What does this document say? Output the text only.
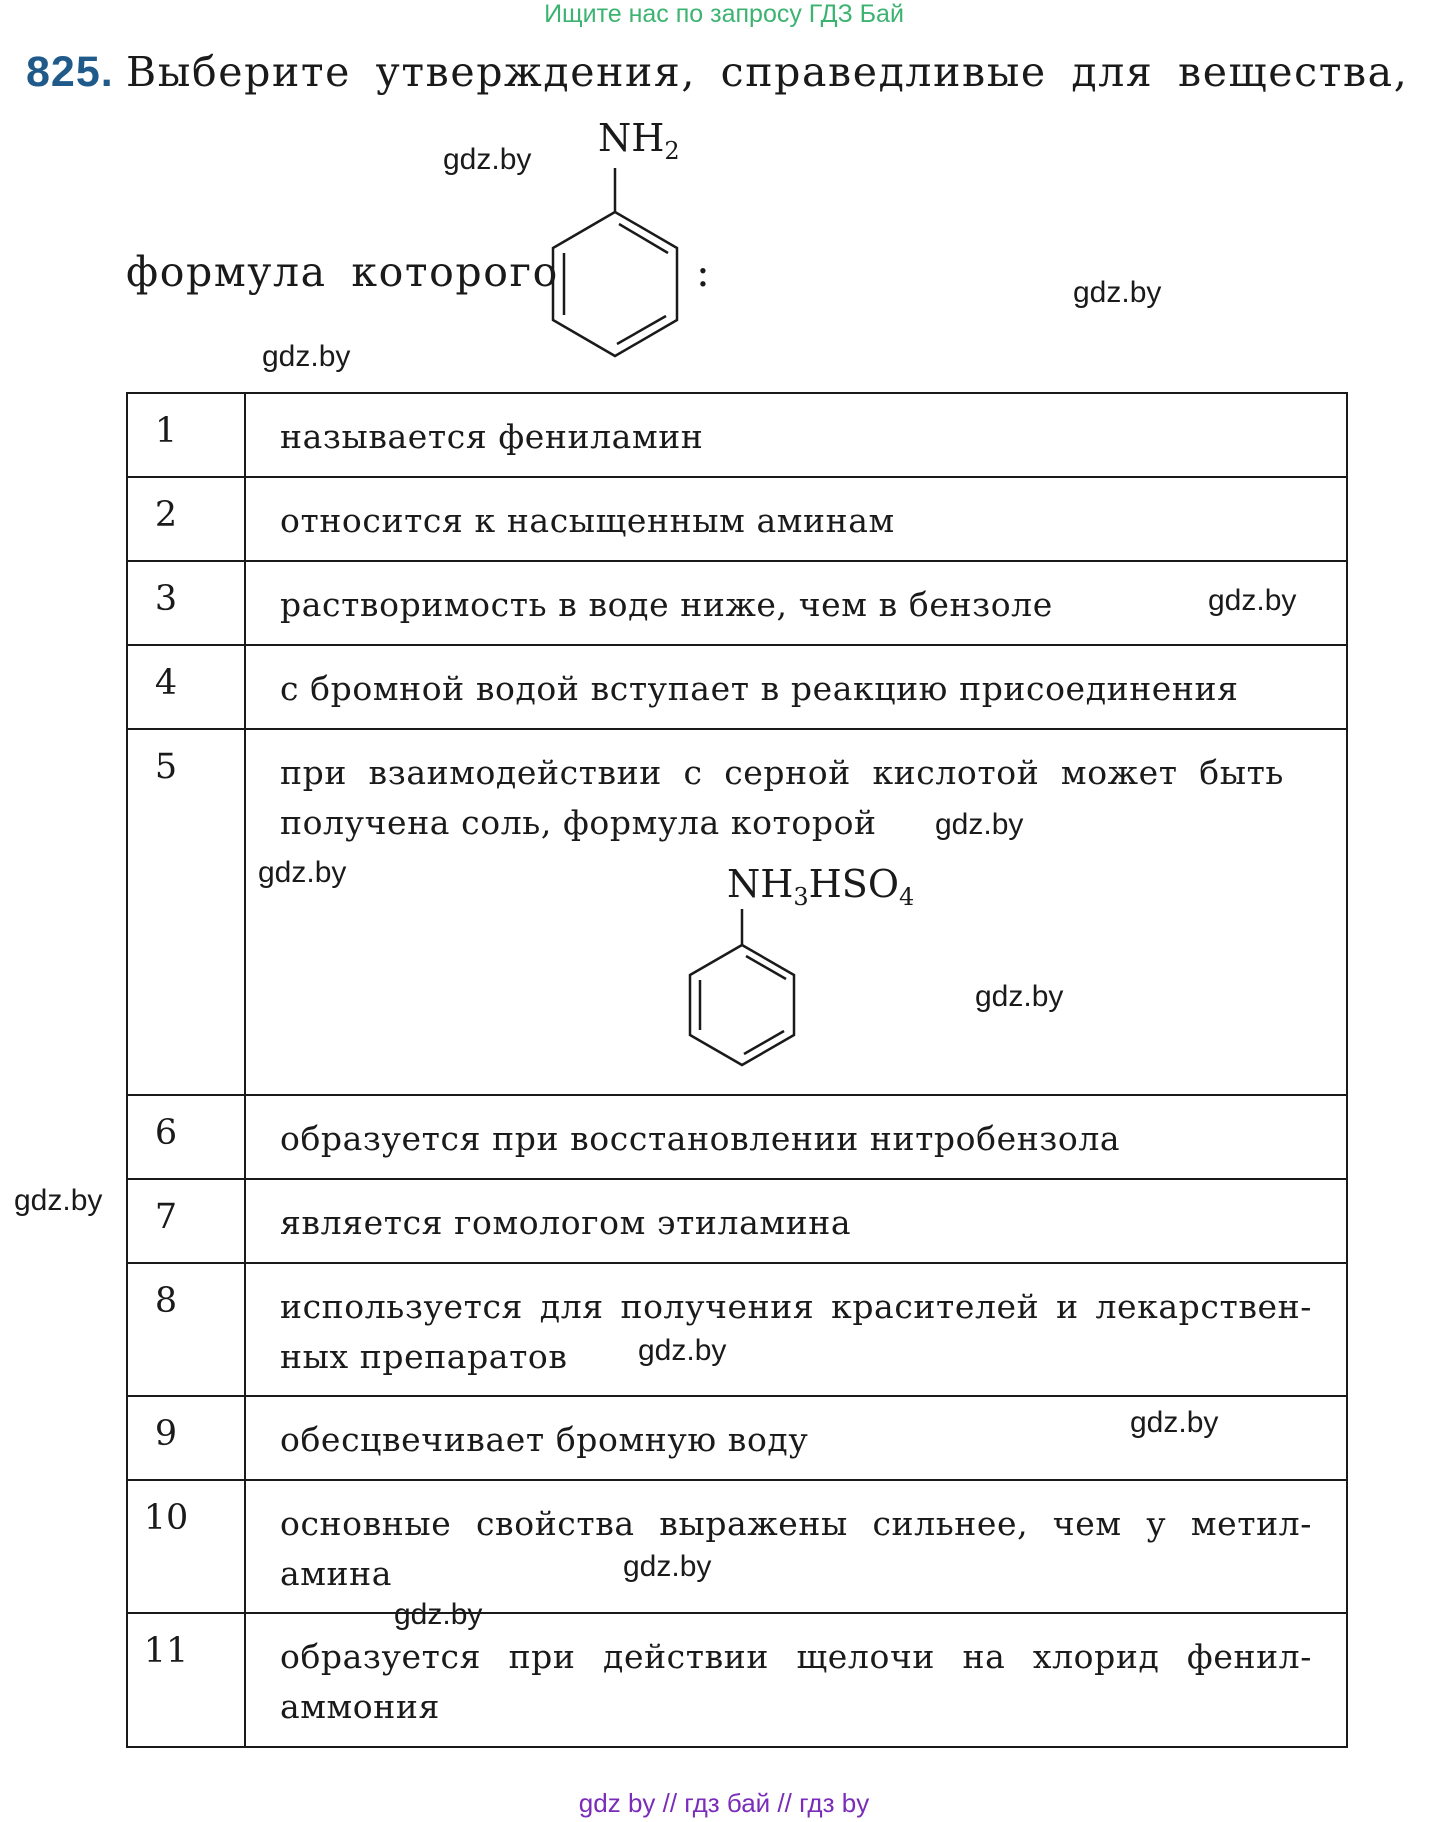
Ищите нас по запросу ГДЗ Бай
825. Выберите утверждения, справедливые для вещества,
формула которого	:
$NH_2$
gdz.by
gdz.by
gdz.by
gdz.by
gdz.by
gdz.by
gdz.by
gdz.by
gdz.by
gdz.by
gdz.by
gdz.by
1	называется фениламин
2	относится к насыщенным аминам
3	растворимость в воде ниже, чем в бензоле
4	с бромной водой вступает в реакцию присоединения
5	при взаимодействии с серной кислотой может быть получена соль, формула которой

6	образуется при восстановлении нитробензола
7	является гомологом этиламина
8	используется для получения красителей и лекарствен-ных препаратов
9	обесцвечивает бромную воду
10	основные свойства выражены сильнее, чем у метил-амина
11	образуется при действии щелочи на хлорид фенил-аммония
$NH_3HSO_4$
gdz by // гдз бай // гдз by
